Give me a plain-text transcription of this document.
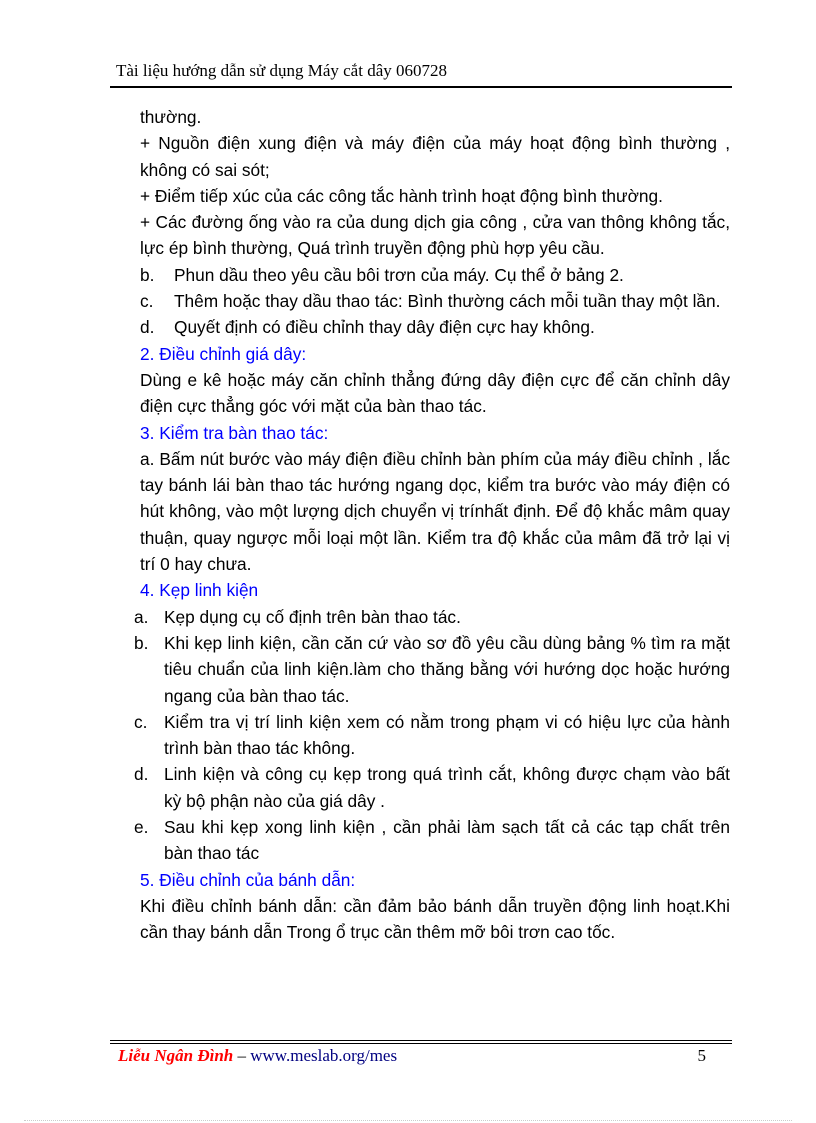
Tài liệu hướng dẫn sử dụng Máy cắt dây 060728

thường.

+ Nguồn điện xung điện và máy điện của máy hoạt động bình thường , không có sai sót;

+ Điểm tiếp xúc của các công tắc hành trình hoạt động bình thường.

+ Các đường ống vào ra của dung dịch gia công , cửa van thông không tắc, lực ép bình thường, Quá trình truyền động phù hợp yêu cầu.

b.	Phun dầu theo yêu cầu bôi trơn của máy. Cụ thể ở bảng 2.
c.	Thêm hoặc thay dầu thao tác: Bình thường cách mỗi tuần thay một lần.
d.	Quyết định có điều chỉnh thay dây điện cực hay không.

2. Điều chỉnh giá dây:

Dùng e kê hoặc máy căn chỉnh thẳng đứng dây điện cực để căn chỉnh dây điện cực thẳng góc với mặt của bàn thao tác.

3. Kiểm tra bàn thao tác:

a. Bấm nút bước vào máy điện điều chỉnh bàn phím của máy điều chỉnh , lắc tay bánh lái bàn thao tác hướng ngang dọc, kiểm tra bước vào máy điện có hút không, vào một lượng dịch chuyển vị trínhất định. Để độ khắc mâm quay thuận, quay ngược mỗi loại một lần. Kiểm tra độ khắc của mâm đã trở lại vị trí 0 hay chưa.

4. Kẹp linh kiện

a. Kẹp dụng cụ cố định trên bàn thao tác.
b. Khi kẹp linh kiện, cần căn cứ vào sơ đồ yêu cầu dùng bảng % tìm ra mặt tiêu chuẩn của linh kiện.làm cho thăng bằng với hướng dọc hoặc hướng ngang của bàn thao tác.
c. Kiểm tra vị trí linh kiện xem có nằm trong phạm vi có hiệu lực của hành trình bàn thao tác không.
d. Linh kiện và công cụ kẹp trong quá trình cắt, không được chạm vào bất kỳ bộ phận nào của giá dây .
e. Sau khi kẹp xong linh kiện , cần phải làm sạch tất cả các tạp chất trên bàn thao tác

5. Điều chỉnh của bánh dẫn:

Khi điều chỉnh bánh dẫn: cần đảm bảo bánh dẫn truyền động linh hoạt.Khi cần thay bánh dẫn Trong ổ trục cần thêm mỡ bôi trơn cao tốc.

Liễu Ngân Đình – www.meslab.org/mes	5
